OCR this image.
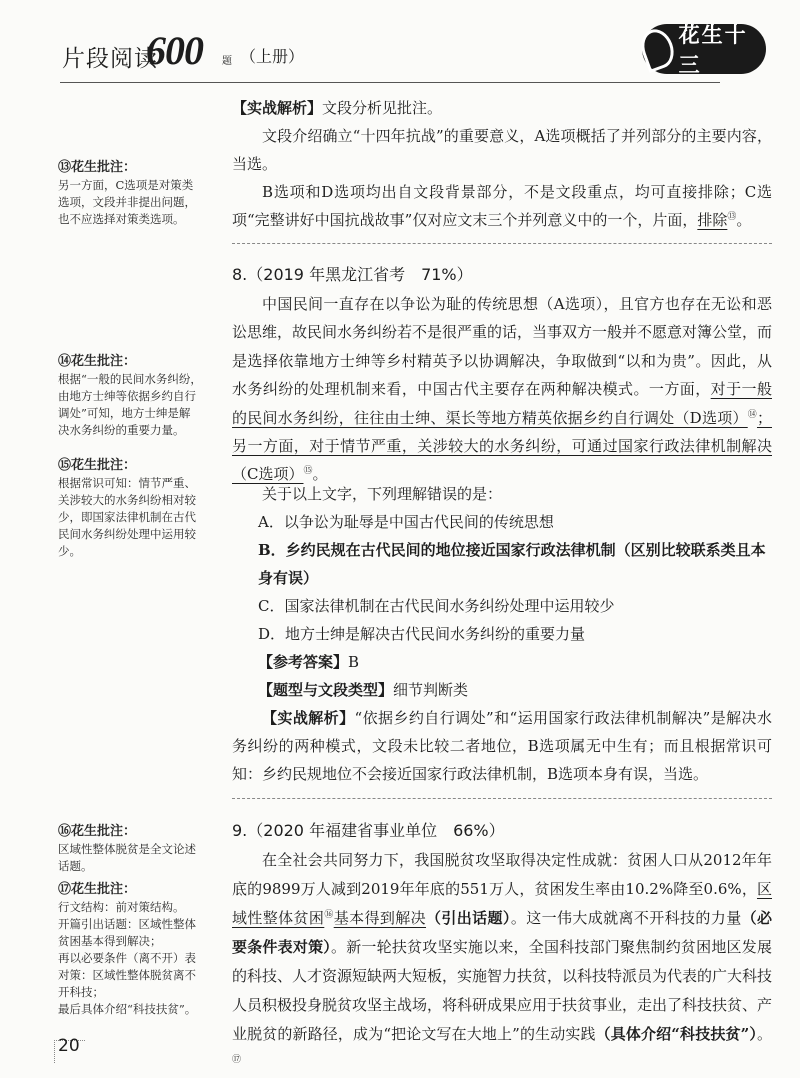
片段阅读
600 题 （上册）
花生十三
⑬花生批注：
另一方面，C选项是对策类
选项，文段并非提出问题，
也不应选择对策类选项。
⑭花生批注：
根据“一般的民间水务纠纷，
由地方士绅等依据乡约自行
调处”可知，地方士绅是解
决水务纠纷的重要力量。
⑮花生批注：
根据常识可知：情节严重、
关涉较大的水务纠纷相对较
少，即国家法律机制在古代
民间水务纠纷处理中运用较
少。
⑯花生批注：
区域性整体脱贫是全文论述
话题。
⑰花生批注：
行文结构：前对策结构。
开篇引出话题：区域性整体
贫困基本得到解决；
再以必要条件（离不开）表
对策：区域性整体脱贫离不
开科技；
最后具体介绍“科技扶贫”。
【实战解析】文段分析见批注。
文段介绍确立“十四年抗战”的重要意义，A选项概括了并列部分的主要内容，当选。
B选项和D选项均出自文段背景部分，不是文段重点，均可直接排除；C选项“完整讲好中国抗战故事”仅对应文末三个并列意义中的一个，片面，排除⑬。
8.（2019 年黑龙江省考　71%）
中国民间一直存在以争讼为耻的传统思想（A选项），且官方也存在无讼和恶讼思维，故民间水务纠纷若不是很严重的话，当事双方一般并不愿意对簿公堂，而是选择依靠地方士绅等乡村精英予以协调解决，争取做到“以和为贵”。因此，从水务纠纷的处理机制来看，中国古代主要存在两种解决模式。一方面，对于一般的民间水务纠纷，往往由士绅、渠长等地方精英依据乡约自行调处（D选项）⑭；另一方面，对于情节严重，关涉较大的水务纠纷，可通过国家行政法律机制解决（C选项）⑮。
关于以上文字，下列理解错误的是：
A．以争讼为耻辱是中国古代民间的传统思想
B．乡约民规在古代民间的地位接近国家行政法律机制（区别比较联系类且本身有误）
C．国家法律机制在古代民间水务纠纷处理中运用较少
D．地方士绅是解决古代民间水务纠纷的重要力量
【参考答案】B
【题型与文段类型】细节判断类
【实战解析】“依据乡约自行调处”和“运用国家行政法律机制解决”是解决水务纠纷的两种模式，文段未比较二者地位，B选项属无中生有；而且根据常识可知：乡约民规地位不会接近国家行政法律机制，B选项本身有误，当选。
9.（2020 年福建省事业单位　66%）
在全社会共同努力下，我国脱贫攻坚取得决定性成就：贫困人口从2012年年底的9899万人减到2019年年底的551万人，贫困发生率由10.2%降至0.6%，区域性整体贫困⑯基本得到解决（引出话题）。这一伟大成就离不开科技的力量（必要条件表对策）。新一轮扶贫攻坚实施以来，全国科技部门聚焦制约贫困地区发展的科技、人才资源短缺两大短板，实施智力扶贫，以科技特派员为代表的广大科技人员积极投身脱贫攻坚主战场，将科研成果应用于扶贫事业，走出了科技扶贫、产业脱贫的新路径，成为“把论文写在大地上”的生动实践（具体介绍“科技扶贫”）。⑰
20
